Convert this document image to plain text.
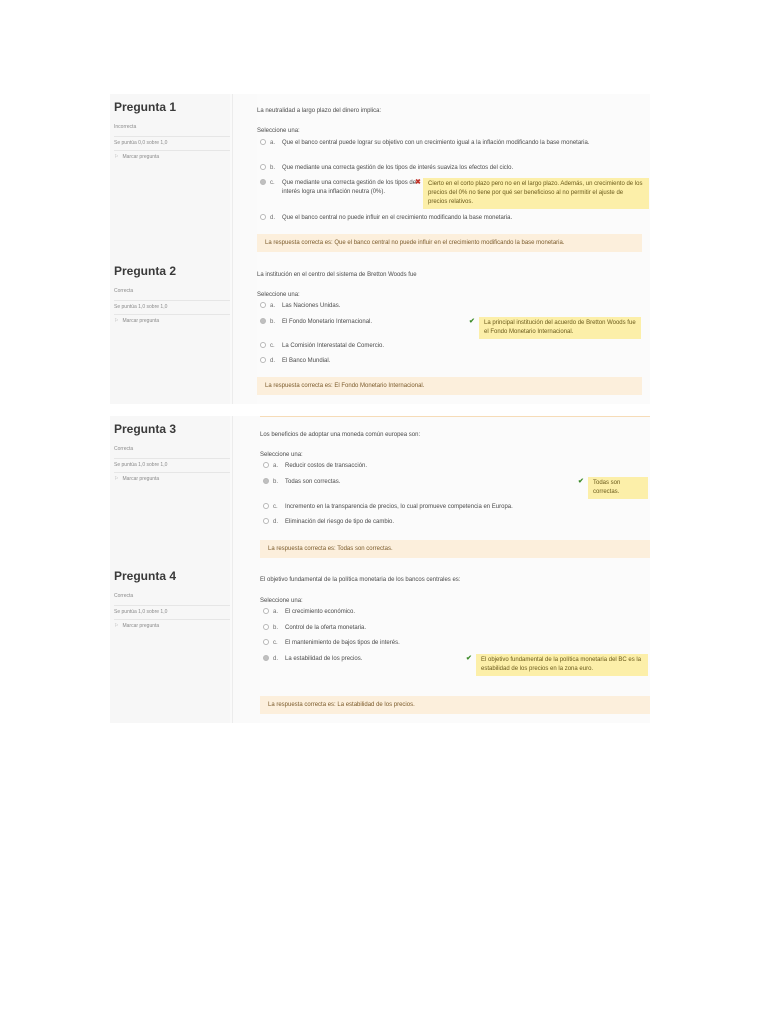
Pregunta 1
Incorrecta
Se puntúa 0,0 sobre 1,0
⚐ Marcar pregunta
La neutralidad a largo plazo del dinero implica:
Seleccione una:
a. Que el banco central puede lograr su objetivo con un crecimiento igual a la inflación modificando la base monetaria.
b. Que mediante una correcta gestión de los tipos de interés suaviza los efectos del ciclo.
c. Que mediante una correcta gestión de los tipos de interés logra una inflación neutra (0%).
✖	Cierto en el corto plazo pero no en el largo plazo. Además, un crecimiento de los precios del 0% no tiene por qué ser beneficioso al no permitir el ajuste de precios relativos.
d. Que el banco central no puede influir en el crecimiento modificando la base monetaria.
La respuesta correcta es: Que el banco central no puede influir en el crecimiento modificando la base monetaria.
Pregunta 2
Correcta
Se puntúa 1,0 sobre 1,0
⚐ Marcar pregunta
La institución en el centro del sistema de Bretton Woods fue
Seleccione una:
a. Las Naciones Unidas.
b. El Fondo Monetario Internacional.	✔	La principal institución del acuerdo de Bretton Woods fue el Fondo Monetario Internacional.
c. La Comisión Interestatal de Comercio.
d. El Banco Mundial.
La respuesta correcta es: El Fondo Monetario Internacional.
Pregunta 3
Correcta
Se puntúa 1,0 sobre 1,0
⚐ Marcar pregunta
Los beneficios de adoptar una moneda común europea son:
Seleccione una:
a. Reducir costos de transacción.
b. Todas son correctas.	✔	Todas son correctas.
c. Incremento en la transparencia de precios, lo cual promueve competencia en Europa.
d. Eliminación del riesgo de tipo de cambio.
La respuesta correcta es: Todas son correctas.
Pregunta 4
Correcta
Se puntúa 1,0 sobre 1,0
⚐ Marcar pregunta
El objetivo fundamental de la política monetaria de los bancos centrales es:
Seleccione una:
a. El crecimiento económico.
b. Control de la oferta monetaria.
c. El mantenimiento de bajos tipos de interés.
d. La estabilidad de los precios.	✔	El objetivo fundamental de la política monetaria del BC es la estabilidad de los precios en la zona euro.
La respuesta correcta es: La estabilidad de los precios.
